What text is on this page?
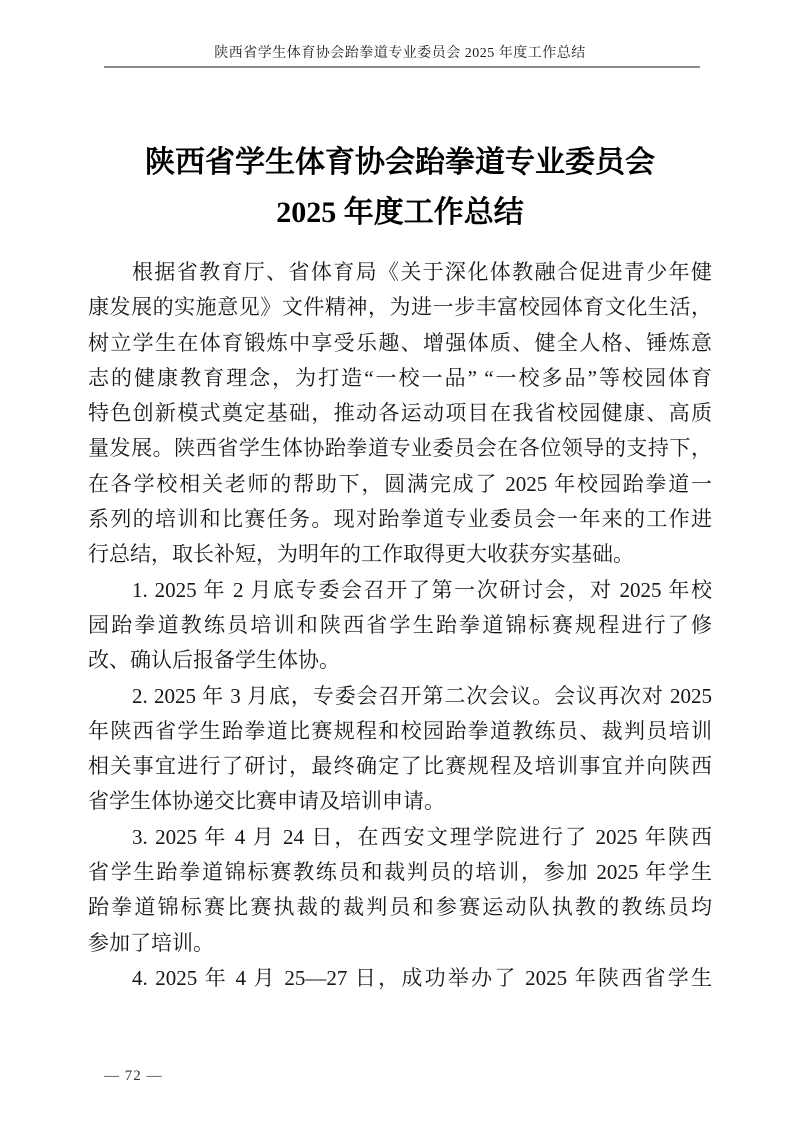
陕西省学生体育协会跆拳道专业委员会 2025 年度工作总结
陕西省学生体育协会跆拳道专业委员会
2025 年度工作总结
根据省教育厅、省体育局《关于深化体教融合促进青少年健
康发展的实施意见》文件精神，为进一步丰富校园体育文化生活，
树立学生在体育锻炼中享受乐趣、增强体质、健全人格、锤炼意
志的健康教育理念，为打造“一校一品” “一校多品”等校园体育
特色创新模式奠定基础，推动各运动项目在我省校园健康、高质
量发展。陕西省学生体协跆拳道专业委员会在各位领导的支持下，
在各学校相关老师的帮助下，圆满完成了 2025 年校园跆拳道一
系列的培训和比赛任务。现对跆拳道专业委员会一年来的工作进
行总结，取长补短，为明年的工作取得更大收获夯实基础。
1. 2025 年 2 月底专委会召开了第一次研讨会，对 2025 年校
园跆拳道教练员培训和陕西省学生跆拳道锦标赛规程进行了修
改、确认后报备学生体协。
2. 2025 年 3 月底，专委会召开第二次会议。会议再次对 2025
年陕西省学生跆拳道比赛规程和校园跆拳道教练员、裁判员培训
相关事宜进行了研讨，最终确定了比赛规程及培训事宜并向陕西
省学生体协递交比赛申请及培训申请。
3. 2025 年 4 月 24 日，在西安文理学院进行了 2025 年陕西
省学生跆拳道锦标赛教练员和裁判员的培训，参加 2025 年学生
跆拳道锦标赛比赛执裁的裁判员和参赛运动队执教的教练员均
参加了培训。
4. 2025 年 4 月 25—27 日，成功举办了 2025 年陕西省学生
— 72 —
